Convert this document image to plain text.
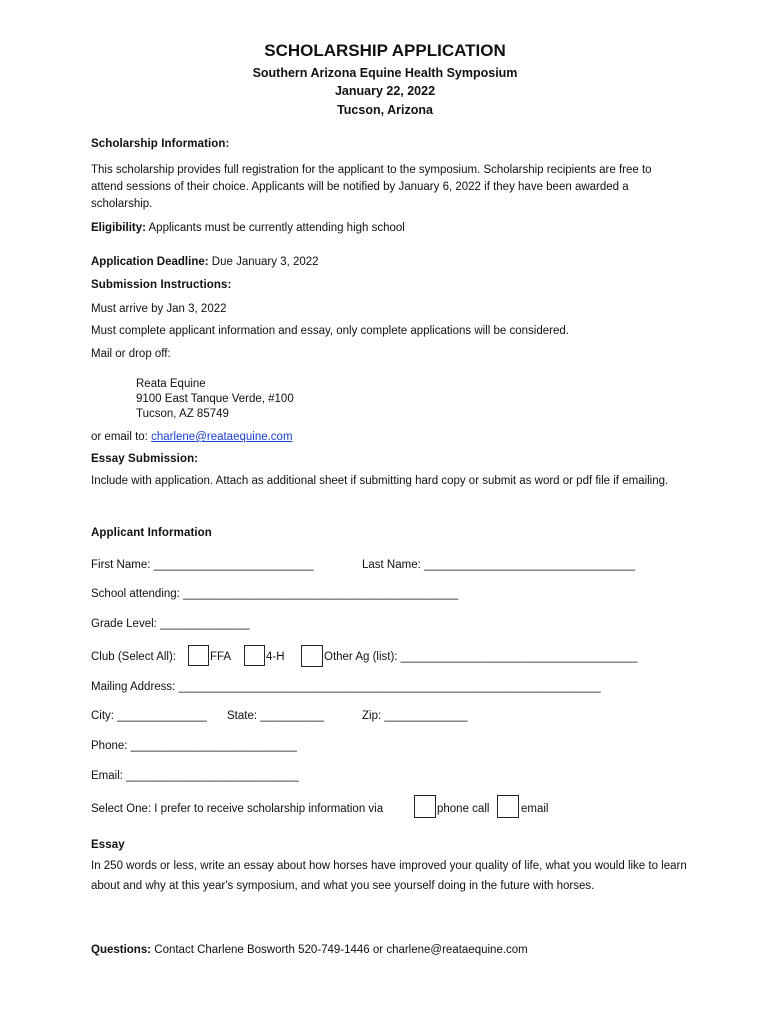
SCHOLARSHIP APPLICATION
Southern Arizona Equine Health Symposium
January 22, 2022
Tucson, Arizona
Scholarship Information:
This scholarship provides full registration for the applicant to the symposium. Scholarship recipients are free to attend sessions of their choice. Applicants will be notified by January 6, 2022 if they have been awarded a scholarship.
Eligibility: Applicants must be currently attending high school
Application Deadline: Due January 3, 2022
Submission Instructions:
Must arrive by Jan 3, 2022
Must complete applicant information and essay, only complete applications will be considered.
Mail or drop off:
Reata Equine
9100 East Tanque Verde, #100
Tucson, AZ 85749
or email to: charlene@reataequine.com
Essay Submission:
Include with application. Attach as additional sheet if submitting hard copy or submit as word or pdf file if emailing.
Applicant Information
First Name: _________________________	Last Name: _________________________________
School attending: ___________________________________________
Grade Level: ______________
Club (Select All):	FFA	4-H	Other Ag (list): _____________________________________
Mailing Address: __________________________________________________________________
City: ______________ State: __________	Zip: _____________
Phone: __________________________
Email: ___________________________
Select One: I prefer to receive scholarship information via	phone call	email
Essay
In 250 words or less, write an essay about how horses have improved your quality of life, what you would like to learn about and why at this year's symposium, and what you see yourself doing in the future with horses.
Questions: Contact Charlene Bosworth 520-749-1446 or charlene@reataequine.com
